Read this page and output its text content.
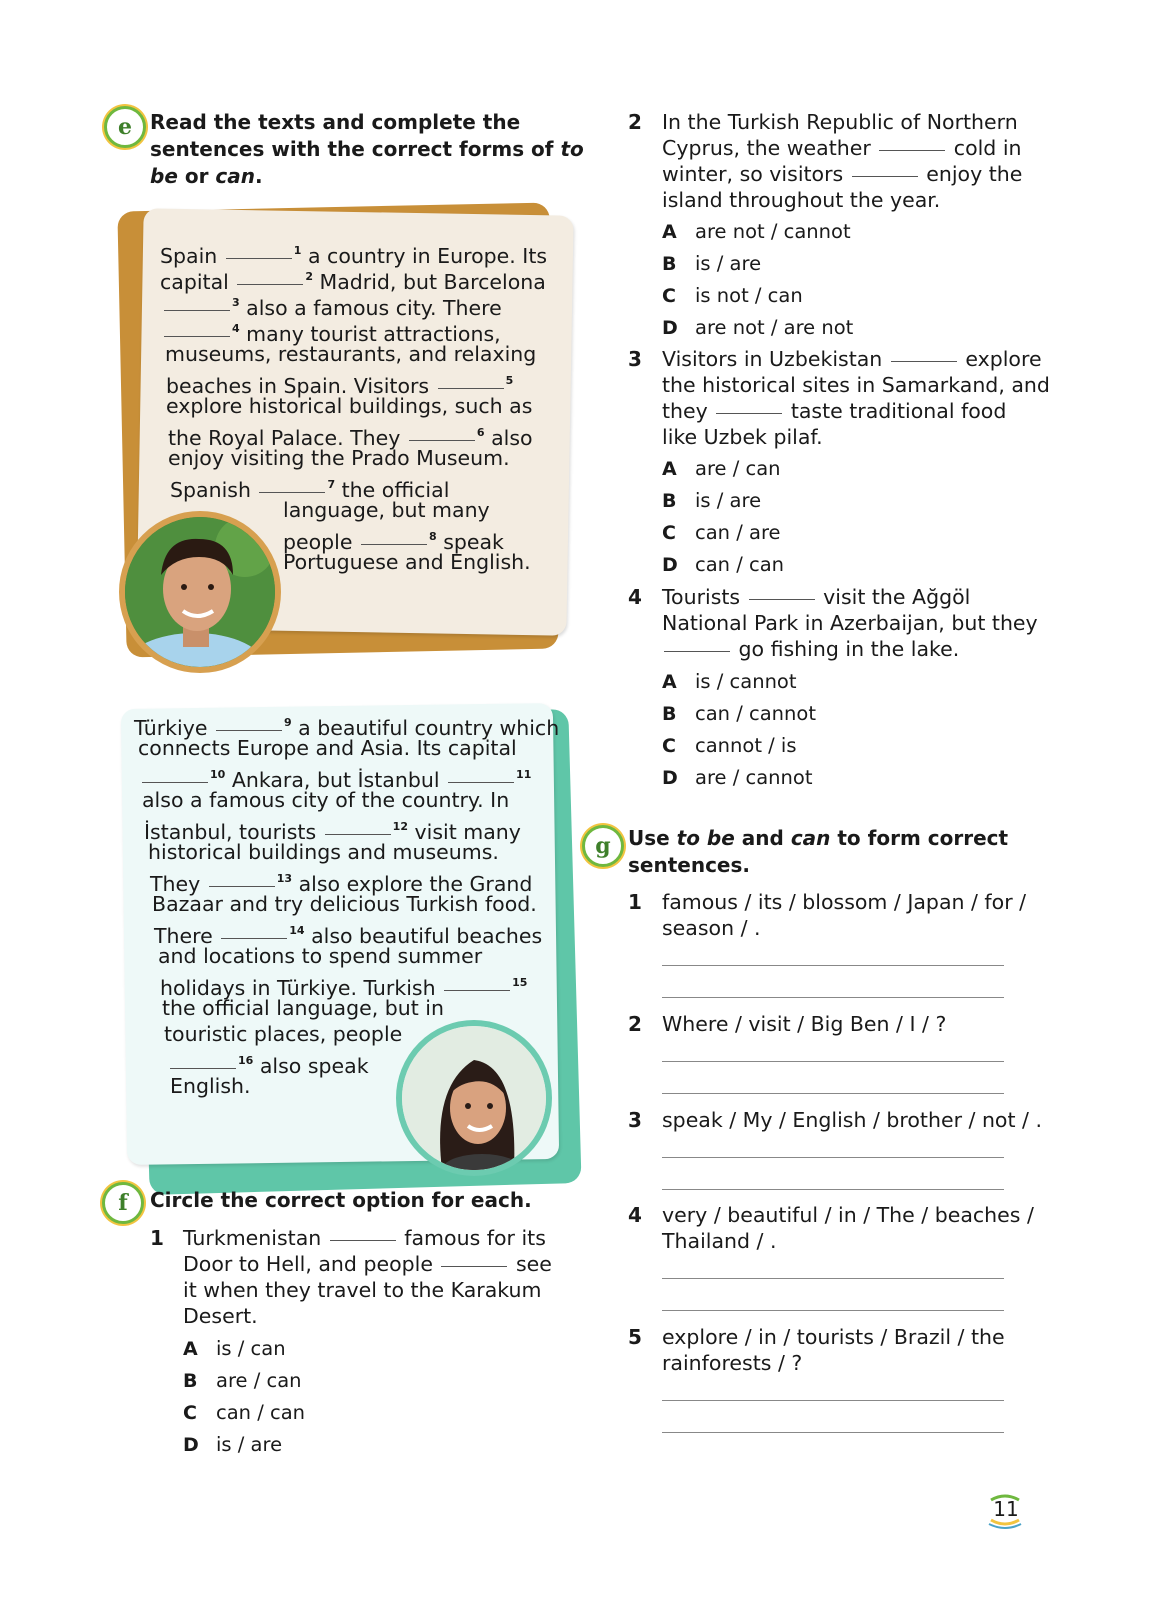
e Read the texts and complete the
sentences with the correct forms of to
be or can.
Spain	$^1$ a country in Europe. Its
capital	$^2$ Madrid, but Barcelona
$^3$ also a famous city. There
$^4$ many tourist attractions,
museums, restaurants, and relaxing
beaches in Spain. Visitors	$^5$
explore historical buildings, such as
the Royal Palace. They	$^6$ also
enjoy visiting the Prado Museum.
Spanish	$^7$ the official
language, but many
people	$^8$ speak
Portuguese and English.
Türkiye	$^9$ a beautiful country which
connects Europe and Asia. Its capital
$^{10}$ Ankara, but İstanbul	$^{11}$
also a famous city of the country. In
İstanbul, tourists	$^{12}$ visit many
historical buildings and museums.
They	$^{13}$ also explore the Grand
Bazaar and try delicious Turkish food.
There	$^{14}$ also beautiful beaches
and locations to spend summer
holidays in Türkiye. Turkish	$^{15}$
the official language, but in
touristic places, people
$^{16}$ also speak
English.
f Circle the correct option for each.
1 Turkmenistan	famous for its
Door to Hell, and people	see
it when they travel to the Karakum
Desert.
A is / can
B are / can
C can / can
D is / are
2 In the Turkish Republic of Northern
Cyprus, the weather	cold in
winter, so visitors	enjoy the
island throughout the year.
A are not / cannot
B is / are
C is not / can
D are not / are not
3 Visitors in Uzbekistan	explore
the historical sites in Samarkand, and
they	taste traditional food
like Uzbek pilaf.
A are / can
B is / are
C can / are
D can / can
4 Tourists	visit the Ağgöl
National Park in Azerbaijan, but they
go fishing in the lake.
A is / cannot
B can / cannot
C cannot / is
D are / cannot
g Use to be and can to form correct
sentences.
1 famous / its / blossom / Japan / for /
season / .
2 Where / visit / Big Ben / I / ?
3 speak / My / English / brother / not / .
4 very / beautiful / in / The / beaches /
Thailand / .
5 explore / in / tourists / Brazil / the
rainforests / ?
11
